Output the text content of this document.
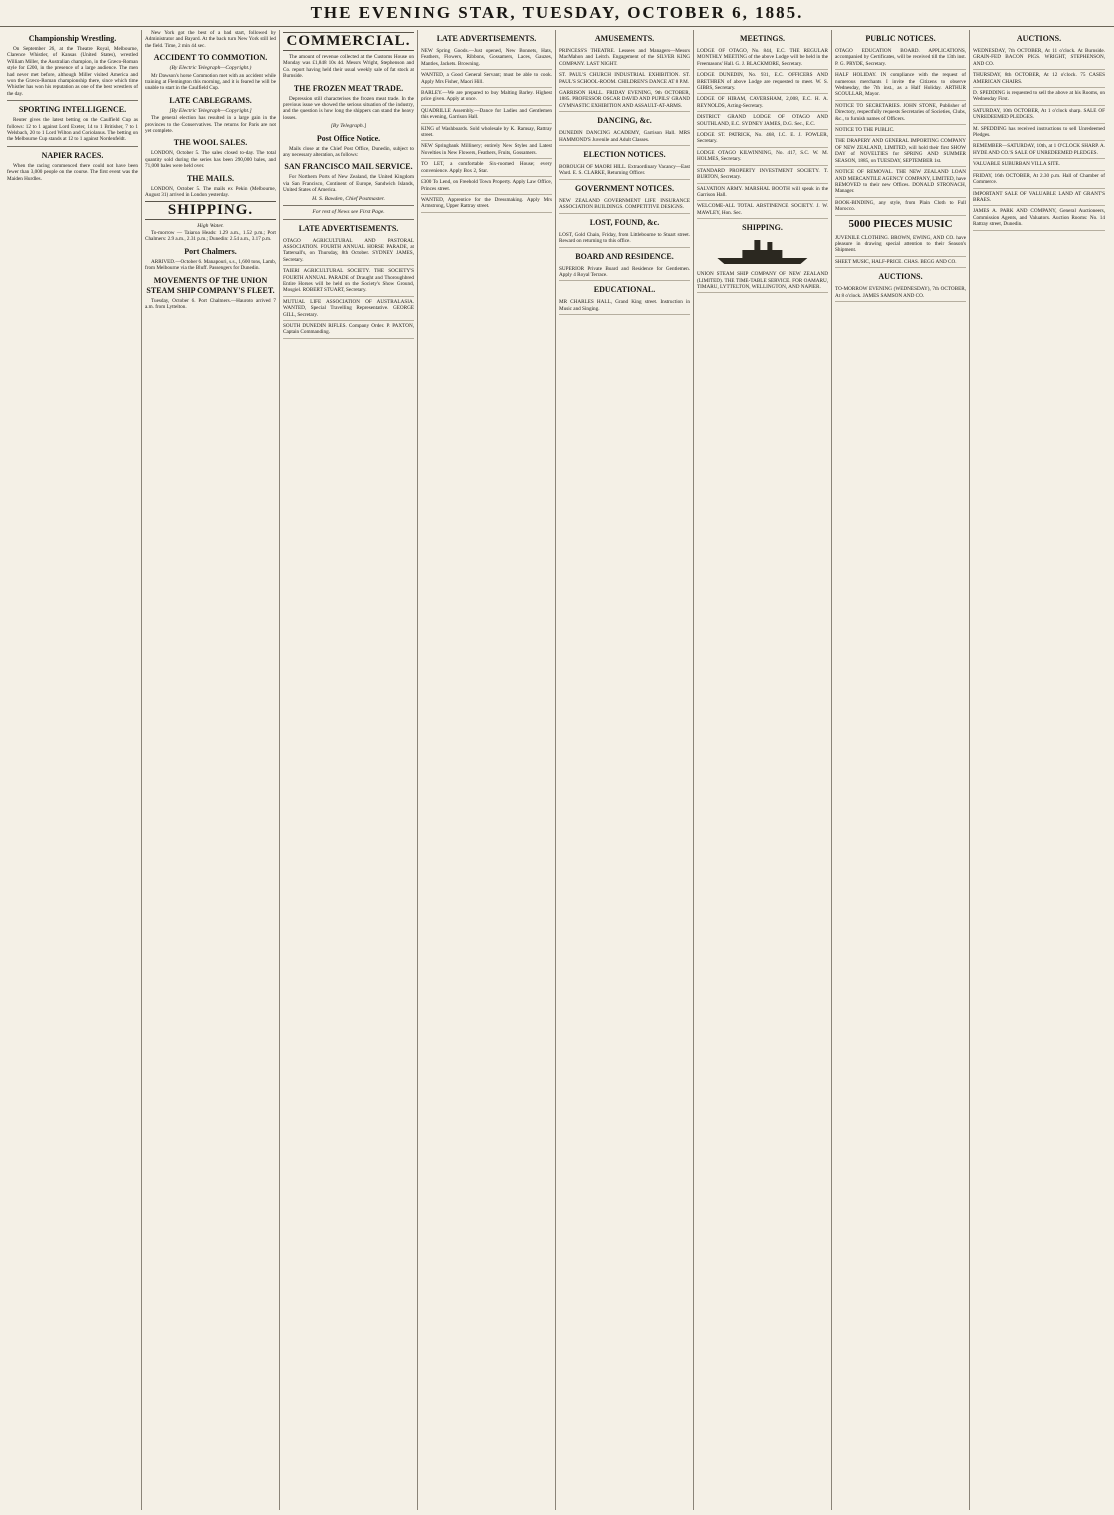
THE EVENING STAR, TUESDAY, OCTOBER 6, 1885.
Championship Wrestling.

On September 26, at the Theatre Royal, Melbourne, Clarence Whistler, of Kansas (United States), wrestled William Miller, the Australian champion, in the Græco-Roman style for £200, in the presence of a large audience. The men had never met before, although Miller visited America and won the Græco-Roman championship there, since which time Whistler has won his reputation as one of the best wrestlers of the day.

SPORTING INTELLIGENCE.

Reuter gives the latest betting on the Caulfield Cup as follows: 12 to 1 against Lord Exeter, 14 to 1 Britisher, 7 to 1 Welsbach, 20 to 1 Lord Wilton and Coriolanus. The betting on the Melbourne Cup stands at 12 to 1 against Nordenfeldt.

NAPIER RACES.

When the racing commenced there could not have been fewer than 3,000 people on the course. The first event was the Maiden Hurdles.

New York got the best of a bad start, followed by Administrator and Bayard. At the back turn New York still led the field. Time, 2 min 44 sec.

ACCIDENT TO COMMOTION.
(By Electric Telegraph—Copyright.)

Mr Dawson's horse Commotion met with an accident while training at Flemington this morning, and it is feared he will be unable to start in the Caulfield Cup.

LATE CABLEGRAMS.
[By Electric Telegraph—Copyright.]

The general election has resulted in a large gain in the provinces to the Conservatives. The returns for Paris are not yet complete.

THE WOOL SALES.

LONDON, October 5. The sales closed to-day. The total quantity sold during the series has been 290,000 bales, and 71,000 bales were held over.

THE MAILS.

LONDON, October 5. The mails ex Pekin (Melbourne, August 31) arrived in London yesterday.

SHIPPING.
High Water.

To-morrow — Taiaroa Heads: 1.29 a.m., 1.52 p.m.; Port Chalmers: 2.9 a.m., 2.31 p.m.; Dunedin: 2.54 a.m., 3.17 p.m.

Port Chalmers.

ARRIVED.—October 6. Manapouri, s.s., 1,600 tons, Lamb, from Melbourne via the Bluff. Passengers for Dunedin.

MOVEMENTS OF THE UNION STEAM SHIP COMPANY'S FLEET.

Tuesday, October 6. Port Chalmers.—Hauroto arrived 7 a.m. from Lyttelton.

COMMERCIAL.

The amount of revenue collected at the Customs House on Monday was £1,848 10s 4d. Messrs Wright, Stephenson and Co. report having held their usual weekly sale of fat stock at Burnside.

THE FROZEN MEAT TRADE.

Depression still characterises the frozen meat trade. In the previous issue we showed the serious situation of the industry, and the question is how long the shippers can stand the heavy losses.

[By Telegraph.]
Post Office Notice.

Mails close at the Chief Post Office, Dunedin, subject to any necessary alteration, as follows:

SAN FRANCISCO MAIL SERVICE.

For Northern Ports of New Zealand, the United Kingdom via San Francisco, Continent of Europe, Sandwich Islands, United States of America.

H. S. Bawden, Chief Postmaster.
For rest of News see First Page.
LATE ADVERTISEMENTS.
OTAGO AGRICULTURAL AND PASTORAL ASSOCIATION. FOURTH ANNUAL HORSE PARADE, at Tattersall's, on Thursday, 8th October. SYDNEY JAMES, Secretary.
TAIERI AGRICULTURAL SOCIETY. THE SOCIETY'S FOURTH ANNUAL PARADE of Draught and Thoroughbred Entire Horses will be held on the Society's Show Ground, Mosgiel. ROBERT STUART, Secretary.
MUTUAL LIFE ASSOCIATION OF AUSTRALASIA. WANTED, Special Travelling Representative. GEORGE GILL, Secretary.
SOUTH DUNEDIN RIFLES. Company Order. P. PAXTON, Captain Commanding.
LATE ADVERTISEMENTS.
NEW Spring Goods.—Just opened, New Bonnets, Hats, Feathers, Flowers, Ribbons, Gossamers, Laces, Gauzes, Mantles, Jackets. Browning.
WANTED, a Good General Servant; must be able to cook. Apply Mrs Fisher, Maori Hill.
BARLEY.—We are prepared to buy Malting Barley. Highest price given. Apply at once.
QUADRILLE Assembly.—Dance for Ladies and Gentlemen this evening, Garrison Hall.
KING of Washboards. Sold wholesale by K. Ramsay, Rattray street.
NEW Springbank Millinery; entirely New Styles and Latest Novelties in New Flowers, Feathers, Fruits, Gossamers.
TO LET, a comfortable Six-roomed House; every convenience. Apply Box 2, Star.
£300 To Lend, on Freehold Town Property. Apply Law Office, Princes street.
WANTED, Apprentice for the Dressmaking. Apply Mrs Armstrong, Upper Rattray street.
AMUSEMENTS.
PRINCESS'S THEATRE. Lessees and Managers—Messrs MacMahon and Leitch. Engagement of the SILVER KING COMPANY. LAST NIGHT.
ST. PAUL'S CHURCH INDUSTRIAL EXHIBITION. ST. PAUL'S SCHOOL-ROOM. CHILDREN'S DANCE AT 8 P.M.
GARRISON HALL. FRIDAY EVENING, 9th OCTOBER, 1885. PROFESSOR OSCAR DAVID AND PUPILS' GRAND GYMNASTIC EXHIBITION AND ASSAULT-AT-ARMS.
DANCING, &c.
DUNEDIN DANCING ACADEMY, Garrison Hall. MRS HAMMOND'S Juvenile and Adult Classes.
ELECTION NOTICES.
BOROUGH OF MAORI HILL. Extraordinary Vacancy—East Ward. E. S. CLARKE, Returning Officer.
GOVERNMENT NOTICES.
NEW ZEALAND GOVERNMENT LIFE INSURANCE ASSOCIATION BUILDINGS. COMPETITIVE DESIGNS.
LOST, FOUND, &c.
LOST, Gold Chain, Friday, from Littlebourne to Stuart street. Reward on returning to this office.
BOARD AND RESIDENCE.
SUPERIOR Private Board and Residence for Gentlemen. Apply 4 Royal Terrace.
EDUCATIONAL.
MR CHARLES HALL, Grand King street. Instruction in Music and Singing.
MEETINGS.
LODGE OF OTAGO, No. 844, E.C. THE REGULAR MONTHLY MEETING of the above Lodge will be held in the Freemasons' Hall. G. J. BLACKMORE, Secretary.
LODGE DUNEDIN, No. 931, E.C. OFFICERS AND BRETHREN of above Lodge are requested to meet. W. S. GIBBS, Secretary.
LODGE OF HIRAM, CAVERSHAM, 2,008, E.C. H. A. REYNOLDS, Acting-Secretary.
DISTRICT GRAND LODGE OF OTAGO AND SOUTHLAND, E.C. SYDNEY JAMES, D.G. Sec., E.C.
LODGE ST. PATRICK, No. 468, I.C. E. J. FOWLER, Secretary.
LODGE OTAGO KILWINNING, No. 417, S.C. W. M. HOLMES, Secretary.
STANDARD PROPERTY INVESTMENT SOCIETY. T. BURTON, Secretary.
SALVATION ARMY. MARSHAL BOOTH will speak in the Garrison Hall.
WELCOME-ALL TOTAL ABSTINENCE SOCIETY. J. W. MAWLEY, Hon. Sec.
SHIPPING.
UNION STEAM SHIP COMPANY OF NEW ZEALAND (LIMITED). THE TIME-TABLE SERVICE. FOR OAMARU, TIMARU, LYTTELTON, WELLINGTON, AND NAPIER.
PUBLIC NOTICES.
OTAGO EDUCATION BOARD. APPLICATIONS, accompanied by Certificates, will be received till the 13th inst. P. G. PRYDE, Secretary.
HALF HOLIDAY. IN compliance with the request of numerous merchants I invite the Citizens to observe Wednesday, the 7th inst., as a Half Holiday. ARTHUR SCOULLAR, Mayor.
NOTICE TO SECRETARIES. JOHN STONE, Publisher of Directory, respectfully requests Secretaries of Societies, Clubs, &c., to furnish names of Officers.
NOTICE TO THE PUBLIC.
THE DRAPERY AND GENERAL IMPORTING COMPANY OF NEW ZEALAND, LIMITED, will hold their first SHOW DAY of NOVELTIES for SPRING AND SUMMER SEASON, 1885, on TUESDAY, SEPTEMBER 1st.
NOTICE OF REMOVAL. THE NEW ZEALAND LOAN AND MERCANTILE AGENCY COMPANY, LIMITED, have REMOVED to their new Offices. DONALD STRONACH, Manager.
BOOK-BINDING, any style, from Plain Cloth to Full Morocco.
5000 PIECES MUSIC
JUVENILE CLOTHING. BROWN, EWING, AND CO. have pleasure in drawing special attention to their Season's Shipment.
SHEET MUSIC, HALF-PRICE. CHAS. BEGG AND CO.
AUCTIONS.
TO-MORROW EVENING (WEDNESDAY), 7th OCTOBER, At 8 o'clock. JAMES SAMSON AND CO.
AUCTIONS.
WEDNESDAY, 7th OCTOBER, At 11 o'clock. At Burnside. GRAIN-FED BACON PIGS. WRIGHT, STEPHENSON, AND CO.
THURSDAY, 8th OCTOBER, At 12 o'clock. 75 CASES AMERICAN CHAIRS.
D. SPEDDING is requested to sell the above at his Rooms, on Wednesday First.
SATURDAY, 10th OCTOBER, At 1 o'clock sharp. SALE OF UNREDEEMED PLEDGES.
M. SPEDDING has received instructions to sell Unredeemed Pledges.
REMEMBER—SATURDAY, 10th, at 1 O'CLOCK SHARP. A. HYDE AND CO.'S SALE OF UNREDEEMED PLEDGES.
VALUABLE SUBURBAN VILLA SITE.
FRIDAY, 16th OCTOBER, At 2.30 p.m. Hall of Chamber of Commerce.
IMPORTANT SALE OF VALUABLE LAND AT GRANT'S BRAES.
JAMES A. PARK AND COMPANY, General Auctioneers, Commission Agents, and Valuators. Auction Rooms: No. 14 Rattray street, Dunedin.
